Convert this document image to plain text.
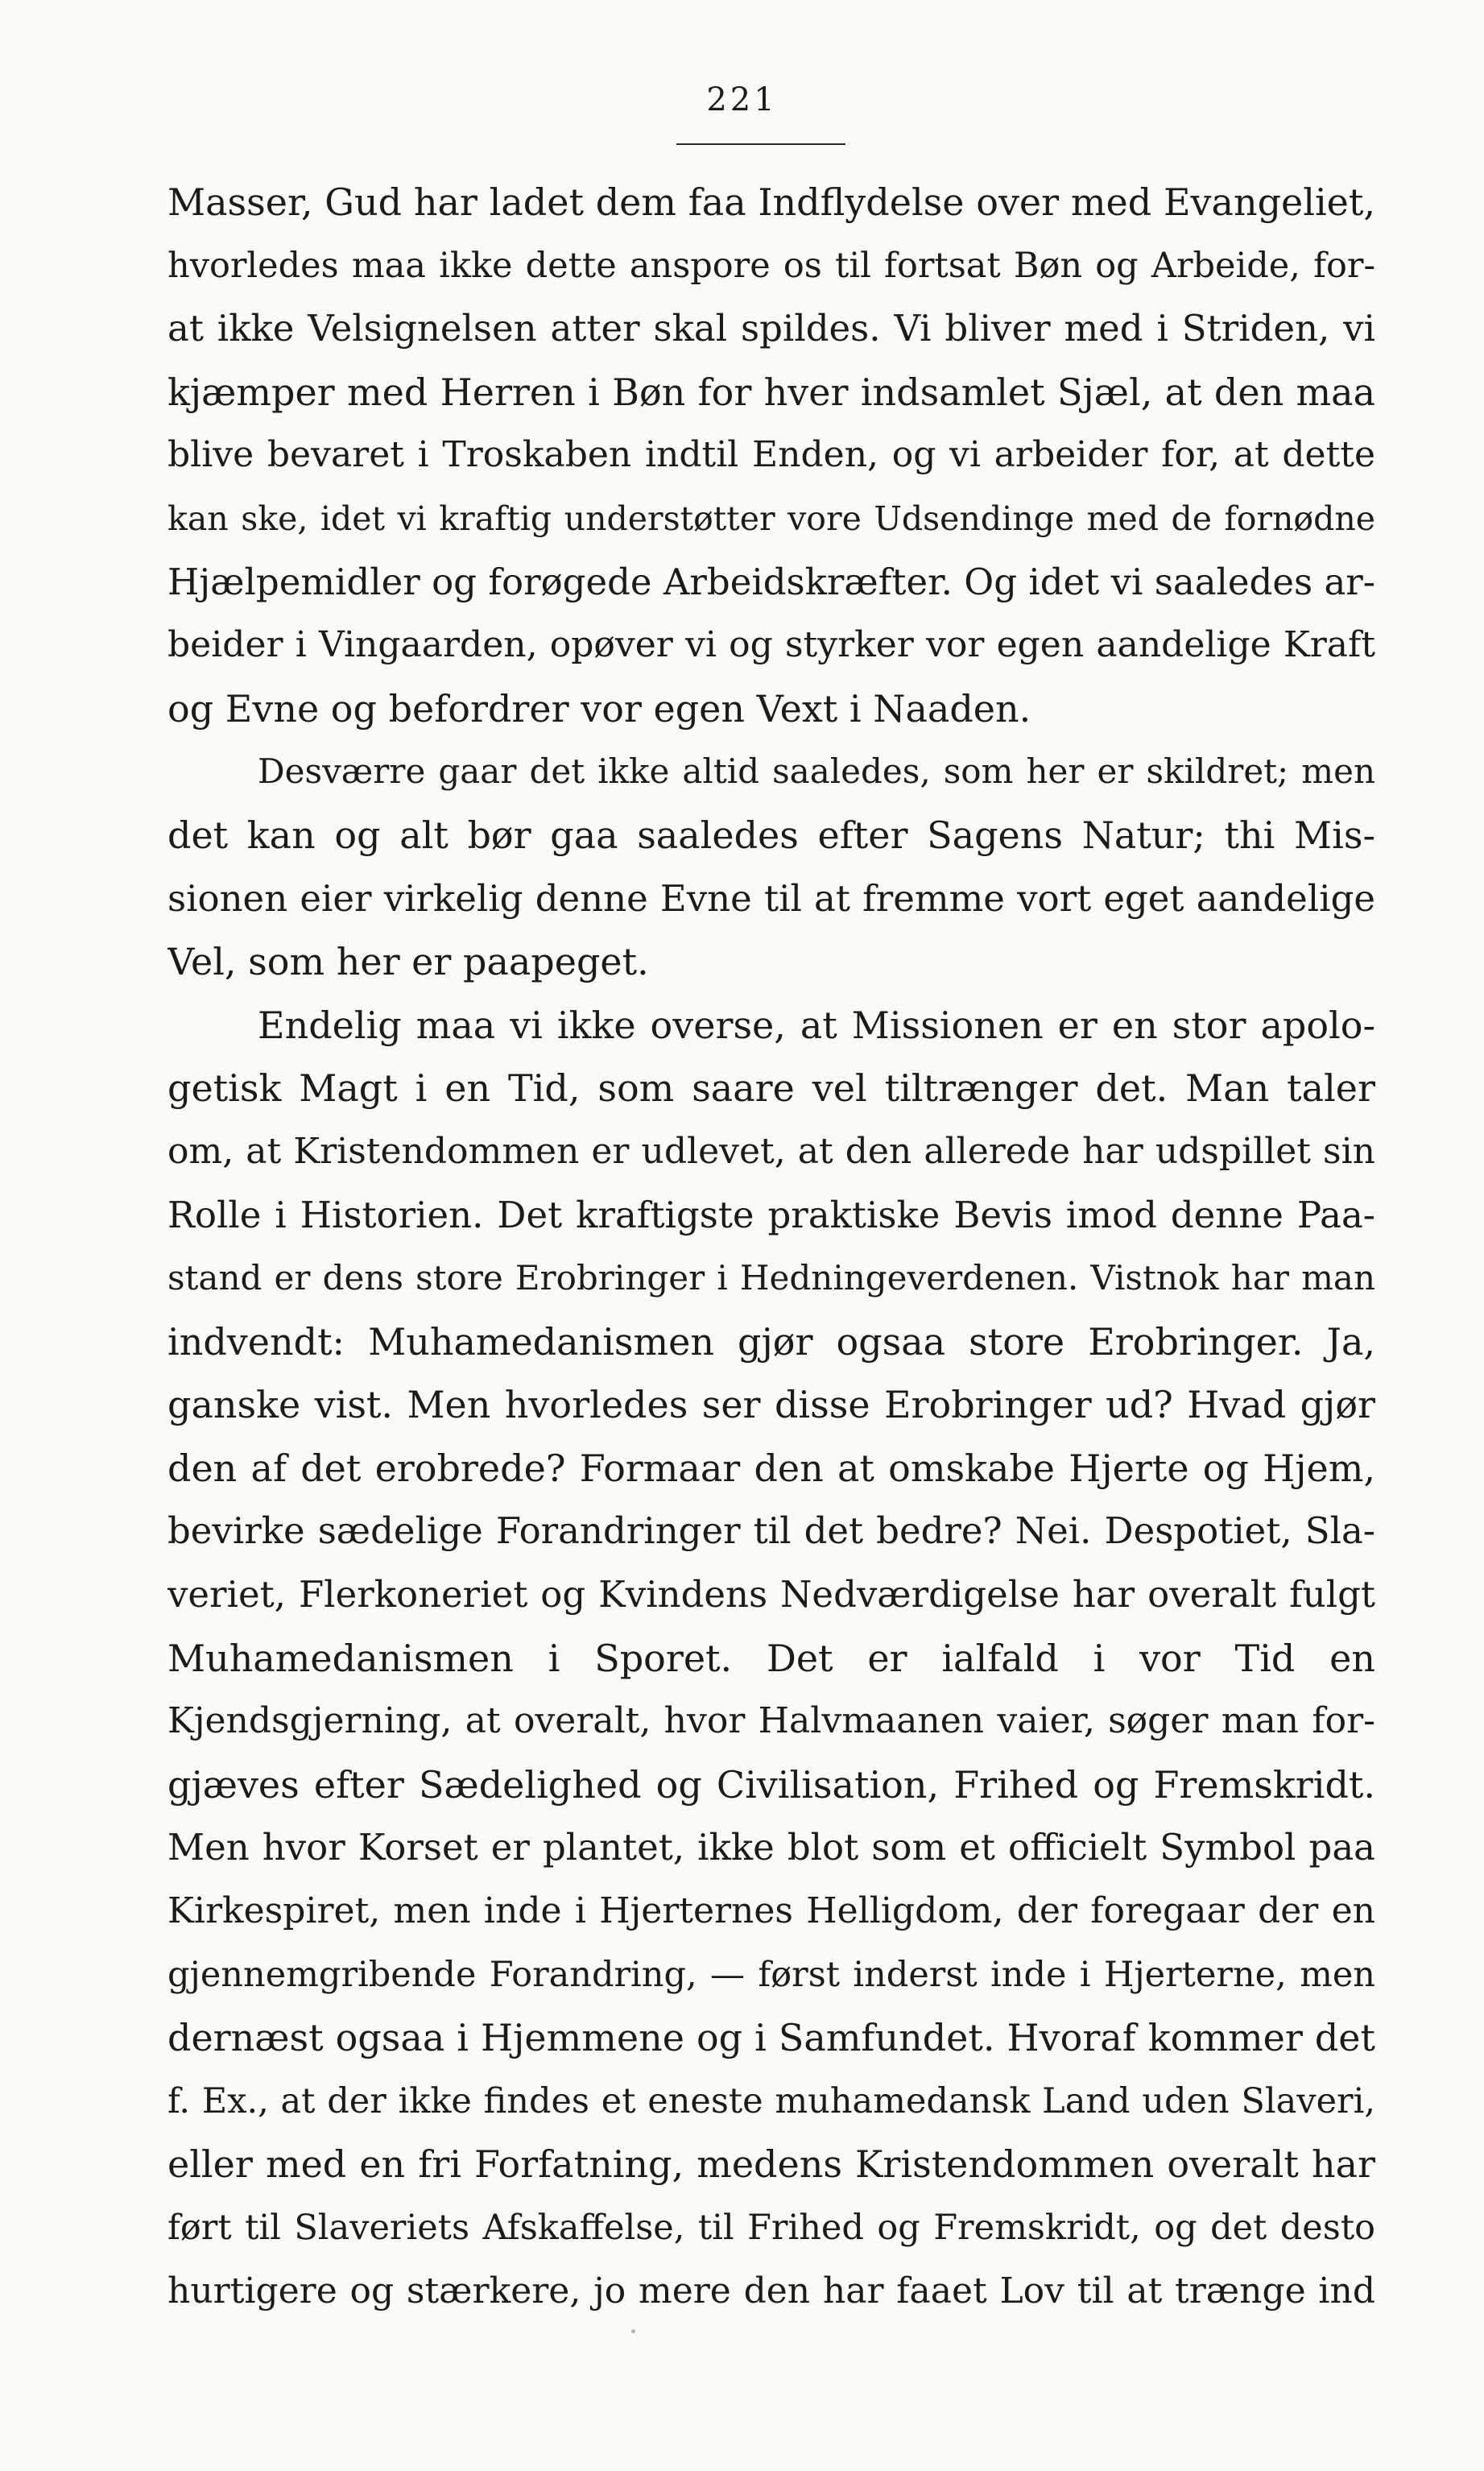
221
Masser, Gud har ladet dem faa Indflydelse over med Evangeliet,
hvorledes maa ikke dette anspore os til fortsat Bøn og Arbeide, for-
at ikke Velsignelsen atter skal spildes. Vi bliver med i Striden, vi
kjæmper med Herren i Bøn for hver indsamlet Sjæl, at den maa
blive bevaret i Troskaben indtil Enden, og vi arbeider for, at dette
kan ske, idet vi kraftig understøtter vore Udsendinge med de fornødne
Hjælpemidler og forøgede Arbeidskræfter. Og idet vi saaledes ar-
beider i Vingaarden, opøver vi og styrker vor egen aandelige Kraft
og Evne og befordrer vor egen Vext i Naaden.
Desværre gaar det ikke altid saaledes, som her er skildret; men
det kan og alt bør gaa saaledes efter Sagens Natur; thi Mis-
sionen eier virkelig denne Evne til at fremme vort eget aandelige
Vel, som her er paapeget.
Endelig maa vi ikke overse, at Missionen er en stor apolo-
getisk Magt i en Tid, som saare vel tiltrænger det. Man taler
om, at Kristendommen er udlevet, at den allerede har udspillet sin
Rolle i Historien. Det kraftigste praktiske Bevis imod denne Paa-
stand er dens store Erobringer i Hedningeverdenen. Vistnok har man
indvendt: Muhamedanismen gjør ogsaa store Erobringer. Ja,
ganske vist. Men hvorledes ser disse Erobringer ud? Hvad gjør
den af det erobrede? Formaar den at omskabe Hjerte og Hjem,
bevirke sædelige Forandringer til det bedre? Nei. Despotiet, Sla-
veriet, Flerkoneriet og Kvindens Nedværdigelse har overalt fulgt
Muhamedanismen i Sporet. Det er ialfald i vor Tid en
Kjendsgjerning, at overalt, hvor Halvmaanen vaier, søger man for-
gjæves efter Sædelighed og Civilisation, Frihed og Fremskridt.
Men hvor Korset er plantet, ikke blot som et officielt Symbol paa
Kirkespiret, men inde i Hjerternes Helligdom, der foregaar der en
gjennemgribende Forandring, — først inderst inde i Hjerterne, men
dernæst ogsaa i Hjemmene og i Samfundet. Hvoraf kommer det
f. Ex., at der ikke findes et eneste muhamedansk Land uden Slaveri,
eller med en fri Forfatning, medens Kristendommen overalt har
ført til Slaveriets Afskaffelse, til Frihed og Fremskridt, og det desto
hurtigere og stærkere, jo mere den har faaet Lov til at trænge ind
